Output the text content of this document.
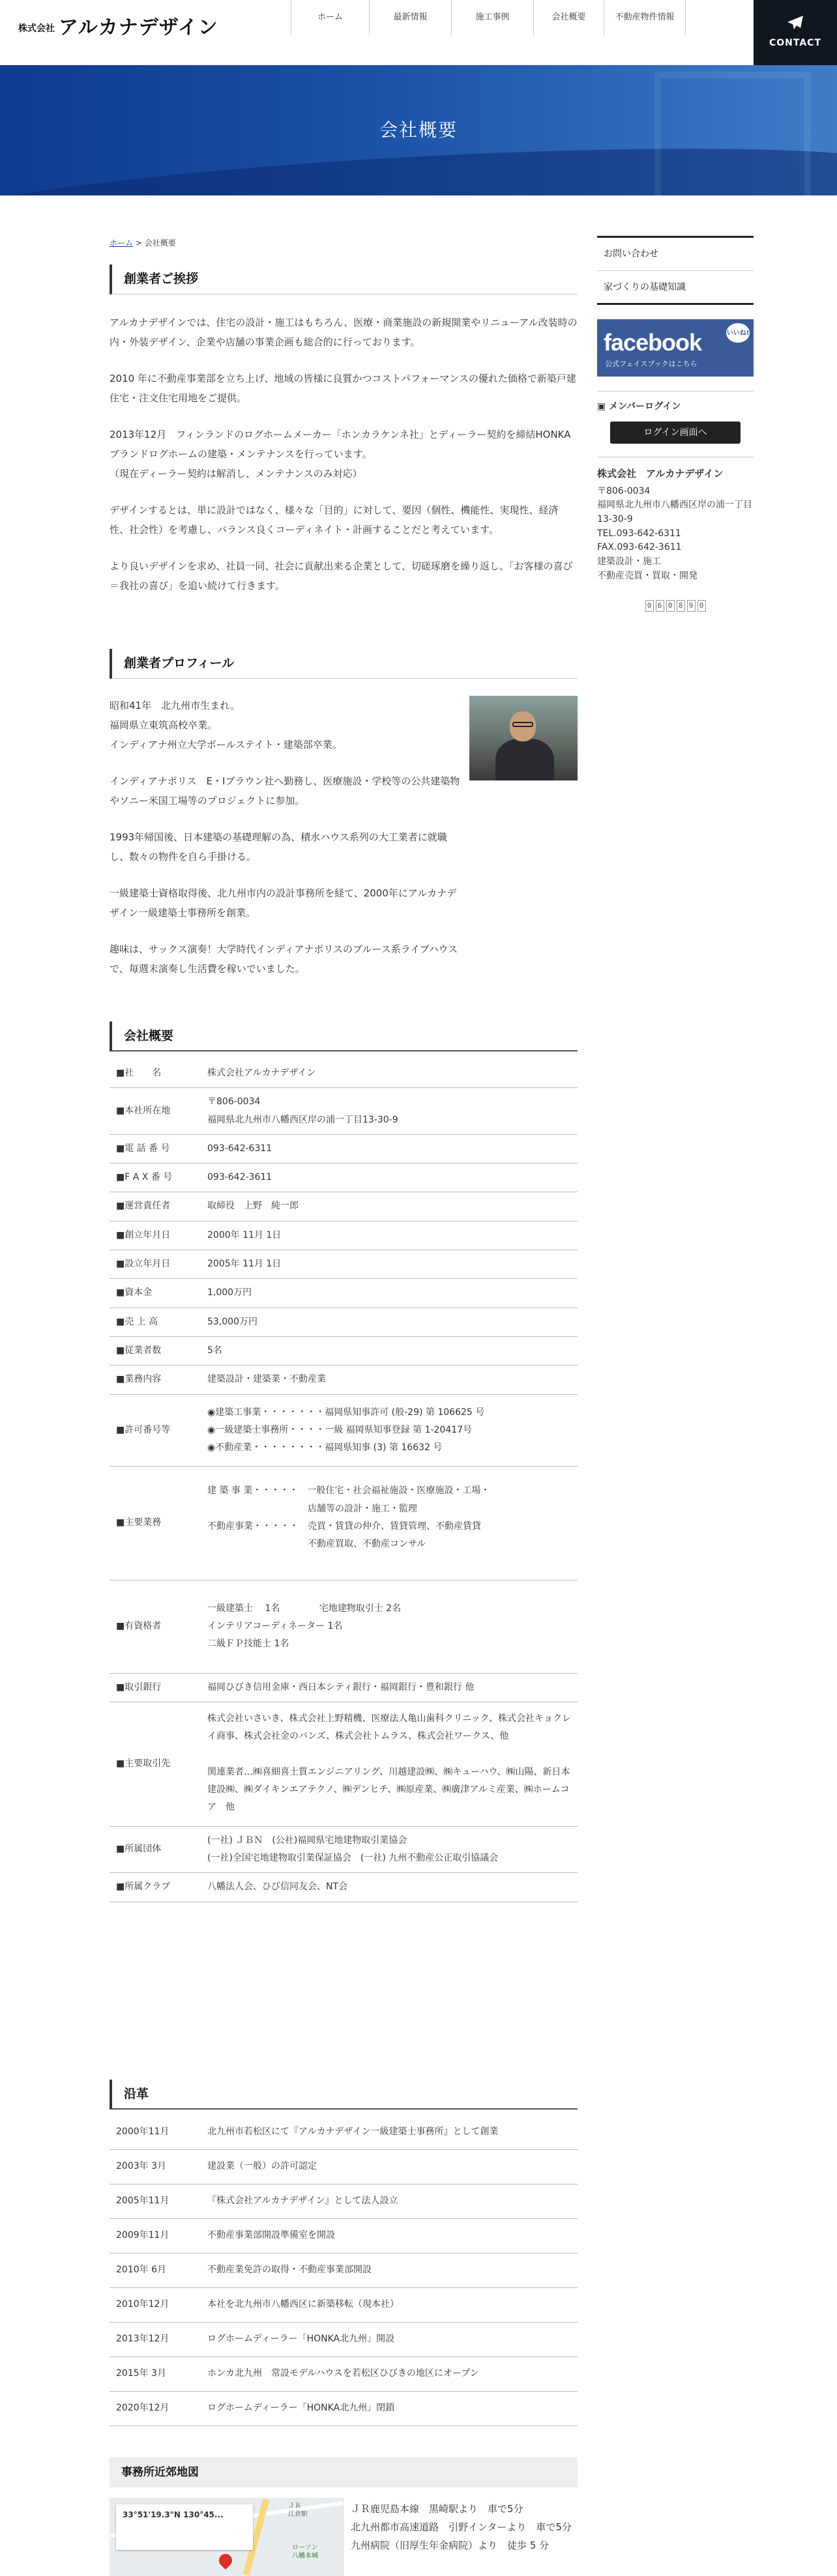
株式会社 アルカナデザイン	ホーム	最新情報	施工事例	会社概要	不動産物件情報
CONTACT
会社概要
ホーム > 会社概要
創業者ご挨拶

アルカナデザインでは、住宅の設計・施工はもちろん、医療・商業施設の新規開業やリニューアル改装時の内・外装デザイン、企業や店舗の事業企画も総合的に行っております。

2010 年に不動産事業部を立ち上げ、地域の皆様に良質かつコストパフォーマンスの優れた価格で新築戸建住宅・注文住宅用地をご提供。

2013年12月　フィンランドのログホームメーカー「ホンカラケンネ社」とディーラー契約を締結HONKAブランドログホームの建築・メンテナンスを行っています。
（現在ディーラー契約は解消し、メンテナンスのみ対応）

デザインするとは、単に設計ではなく、様々な「目的」に対して、要因（個性、機能性、実現性、経済性、社会性）を考慮し、バランス良くコーディネイト・計画することだと考えています。

より良いデザインを求め、社員一同、社会に貢献出来る企業として、切磋琢磨を繰り返し、「お客様の喜び＝我社の喜び」を追い続けて行きます。

創業者プロフィール

昭和41年　北九州市生まれ。
福岡県立東筑高校卒業。
インディアナ州立大学ボールステイト・建築部卒業。

インディアナポリス　E・Iブラウン社へ勤務し、医療施設・学校等の公共建築物やソニー米国工場等のプロジェクトに参加。

1993年帰国後、日本建築の基礎理解の為、積水ハウス系列の大工業者に就職し、数々の物件を自ら手掛ける。

一級建築士資格取得後、北九州市内の設計事務所を経て、2000年にアルカナデザイン一級建築士事務所を創業。

趣味は、サックス演奏！大学時代インディアナポリスのブルース系ライブハウスで、毎週末演奏し生活費を稼いでいました。

会社概要
■社　　名	株式会社アルカナデザイン
■本社所在地	〒806-0034
福岡県北九州市八幡西区岸の浦一丁目13-30-9
■電 話 番 号	093-642-6311
■F A X 番 号	093-642-3611
■運営責任者	取締役　上野　純一郎
■創立年月日	2000年 11月 1日
■設立年月日	2005年 11月 1日
■資本金	1,000万円
■売 上 高	53,000万円
■従業者数	5名
■業務内容	建築設計・建築業・不動産業
■許可番号等	◉建築工事業・・・・・・・福岡県知事許可 (般-29) 第 106625 号
◉一級建築士事務所・・・・一級 福岡県知事登録 第 1-20417号
◉不動産業・・・・・・・・福岡県知事 (3) 第 16632 号
■主要業務	建 築 事 業・・・・・　一般住宅・社会福祉施設・医療施設・工場・
　　　　　　　　　　　店舗等の設計・施工・監理
不動産事業・・・・・　売買・賃貸の仲介、賃貸管理、不動産賃貸
　　　　　　　　　　　不動産買取、不動産コンサル
■有資格者	一級建築士　 1名　 　　　宅地建物取引士 2名
インテリアコーディネーター 1名
二級ＦＰ技能士 1名
■取引銀行	福岡ひびき信用金庫・西日本シティ銀行・福岡銀行・豊和銀行 他
■主要取引先	株式会社いさいき、株式会社上野精機、医療法人亀山歯科クリニック、株式会社キョクレイ商事、株式会社金のバンズ、株式会社トムラス、株式会社ワークス、他

関連業者…㈱喜細喜土質エンジニアリング、川越建設㈱、㈱キューハウ、㈱山陽、新日本建設㈱、㈱ダイキンエアテクノ、㈱デンヒチ、㈱原産業、㈱廣津アルミ産業、㈱ホームコア　他
■所属団体	(一社) ＪＢＮ　(公社)福岡県宅地建物取引業協会
(一社)全国宅地建物取引業保証協会　(一社) 九州不動産公正取引協議会
■所属クラブ	八幡法人会、ひび信同友会、NT会
沿革
2000年11月	北九州市若松区にて『アルカナデザイン一級建築士事務所』として創業
2003年 3月	建設業（一般）の許可認定
2005年11月	『株式会社アルカナデザイン』として法人設立
2009年11月	不動産事業部開設準備室を開設
2010年 6月	不動産業免許の取得・不動産事業部開設
2010年12月	本社を北九州市八幡西区に新築移転（現本社）
2013年12月	ログホームディーラー「HONKA北九州」開設
2015年 3月	ホンカ北九州　常設モデルハウスを若松区ひびきの地区にオープン
2020年12月	ログホームディーラー「HONKA北九州」閉鎖
事務所近郊地図
33°51'19.3"N 130°45...
ＪＲ
江倉駅
ローソン
八幡本城
ＪＲ鹿児島本線　黒崎駅より　車で5分
北九州都市高速道路　引野インターより　車で5分
九州病院（旧厚生年金病院）より　徒歩 5 分
お問い合わせ
家づくりの基礎知識
facebook
公式フェイスブックはこちら
いいね!
▣ メンバーログイン
ログイン画面へ
株式会社　アルカナデザイン
〒806-0034
福岡県北九州市八幡西区岸の浦一丁目13-30-9
TEL.093-642-6311
FAX.093-642-3611
建築設計・施工
不動産売買・買取・開発
0 6 0 8 9 0
